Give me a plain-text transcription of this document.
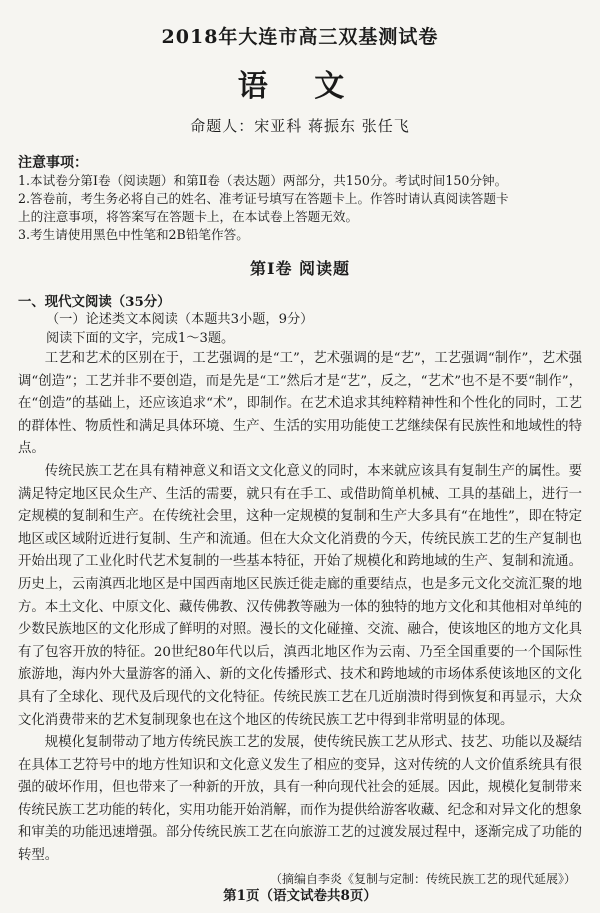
2018年大连市高三双基测试卷
语 文
命题人：宋亚科 蒋振东 张任飞
注意事项：

1.本试卷分第Ⅰ卷（阅读题）和第Ⅱ卷（表达题）两部分，共150分。考试时间150分钟。

2.答卷前，考生务必将自己的姓名、准考证号填写在答题卡上。作答时请认真阅读答题卡

上的注意事项，将答案写在答题卡上，在本试卷上答题无效。

3.考生请使用黑色中性笔和2B铅笔作答。

第Ⅰ卷 阅读题
一、现代文阅读（35分）
（一）论述类文本阅读（本题共3小题，9分）
阅读下面的文字，完成1～3题。

工艺和艺术的区别在于，工艺强调的是“工”，艺术强调的是“艺”，工艺强调“制作”，艺术强调“创造”；工艺并非不要创造，而是先是“工”然后才是“艺”，反之，“艺术”也不是不要“制作”，在“创造”的基础上，还应该追求“术”，即制作。在艺术追求其纯粹精神性和个性化的同时，工艺的群体性、物质性和满足具体环境、生产、生活的实用功能使工艺继续保有民族性和地域性的特点。

传统民族工艺在具有精神意义和语文文化意义的同时，本来就应该具有复制生产的属性。要满足特定地区民众生产、生活的需要，就只有在手工、或借助简单机械、工具的基础上，进行一定规模的复制和生产。在传统社会里，这种一定规模的复制和生产大多具有“在地性”，即在特定地区或区域附近进行复制、生产和流通。但在大众文化消费的今天，传统民族工艺的生产复制也开始出现了工业化时代艺术复制的一些基本特征，开始了规模化和跨地域的生产、复制和流通。历史上，云南滇西北地区是中国西南地区民族迁徙走廊的重要结点，也是多元文化交流汇聚的地方。本土文化、中原文化、藏传佛教、汉传佛教等融为一体的独特的地方文化和其他相对单纯的少数民族地区的文化形成了鲜明的对照。漫长的文化碰撞、交流、融合，使该地区的地方文化具有了包容开放的特征。20世纪80年代以后，滇西北地区作为云南、乃至全国重要的一个国际性旅游地，海内外大量游客的涌入、新的文化传播形式、技术和跨地域的市场体系使该地区的文化具有了全球化、现代及后现代的文化特征。传统民族工艺在几近崩溃时得到恢复和再显示，大众文化消费带来的艺术复制现象也在这个地区的传统民族工艺中得到非常明显的体现。

规模化复制带动了地方传统民族工艺的发展，使传统民族工艺从形式、技艺、功能以及凝结在具体工艺符号中的地方性知识和文化意义发生了相应的变异，这对传统的人文价值系统具有很强的破坏作用，但也带来了一种新的开放，具有一种向现代社会的延展。因此，规模化复制带来传统民族工艺功能的转化，实用功能开始消解，而作为提供给游客收藏、纪念和对异文化的想象和审美的功能迅速增强。部分传统民族工艺在向旅游工艺的过渡发展过程中，逐渐完成了功能的转型。

（摘编自李炎《复制与定制：传统民族工艺的现代延展》）
第1页（语文试卷共8页）
